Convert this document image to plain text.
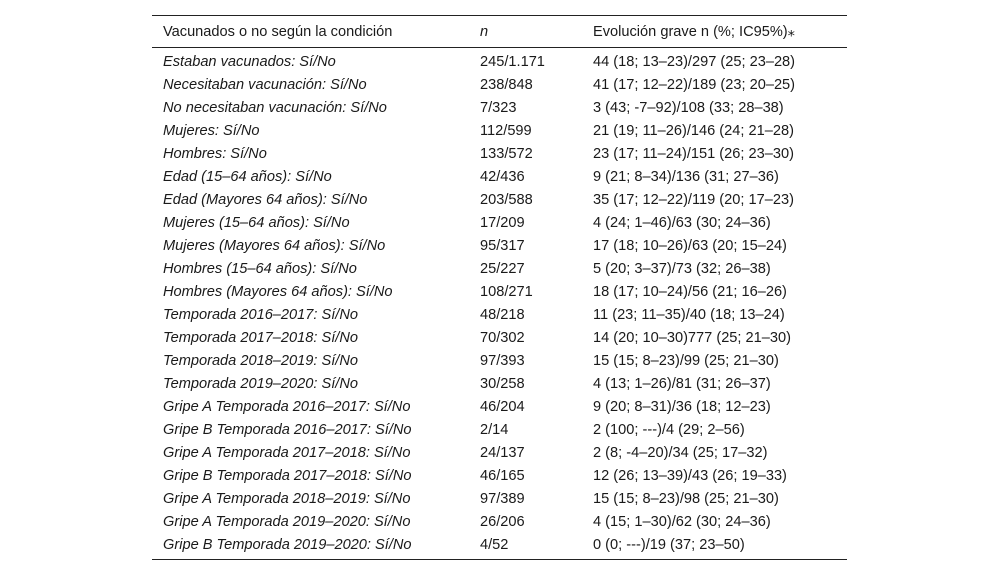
Vacunados o no según la condición	n	Evolución grave n (%; IC95%)⁎
Estaban vacunados: Sí/No	245/1.171	44 (18; 13–23)/297 (25; 23–28)
Necesitaban vacunación: Sí/No	238/848	41 (17; 12–22)/189 (23; 20–25)
No necesitaban vacunación: Sí/No	7/323	3 (43; -7–92)/108 (33; 28–38)
Mujeres: Sí/No	112/599	21 (19; 11–26)/146 (24; 21–28)
Hombres: Sí/No	133/572	23 (17; 11–24)/151 (26; 23–30)
Edad (15–64 años): Sí/No	42/436	9 (21; 8–34)/136 (31; 27–36)
Edad (Mayores 64 años): Sí/No	203/588	35 (17; 12–22)/119 (20; 17–23)
Mujeres (15–64 años): Sí/No	17/209	4 (24; 1–46)/63 (30; 24–36)
Mujeres (Mayores 64 años): Sí/No	95/317	17 (18; 10–26)/63 (20; 15–24)
Hombres (15–64 años): Sí/No	25/227	5 (20; 3–37)/73 (32; 26–38)
Hombres (Mayores 64 años): Sí/No	108/271	18 (17; 10–24)/56 (21; 16–26)
Temporada 2016–2017: Sí/No	48/218	11 (23; 11–35)/40 (18; 13–24)
Temporada 2017–2018: Sí/No	70/302	14 (20; 10–30)777 (25; 21–30)
Temporada 2018–2019: Sí/No	97/393	15 (15; 8–23)/99 (25; 21–30)
Temporada 2019–2020: Sí/No	30/258	4 (13; 1–26)/81 (31; 26–37)
Gripe A Temporada 2016–2017: Sí/No	46/204	9 (20; 8–31)/36 (18; 12–23)
Gripe B Temporada 2016–2017: Sí/No	2/14	2 (100; ---)/4 (29; 2–56)
Gripe A Temporada 2017–2018: Sí/No	24/137	2 (8; -4–20)/34 (25; 17–32)
Gripe B Temporada 2017–2018: Sí/No	46/165	12 (26; 13–39)/43 (26; 19–33)
Gripe A Temporada 2018–2019: Sí/No	97/389	15 (15; 8–23)/98 (25; 21–30)
Gripe A Temporada 2019–2020: Sí/No	26/206	4 (15; 1–30)/62 (30; 24–36)
Gripe B Temporada 2019–2020: Sí/No	4/52	0 (0; ---)/19 (37; 23–50)
